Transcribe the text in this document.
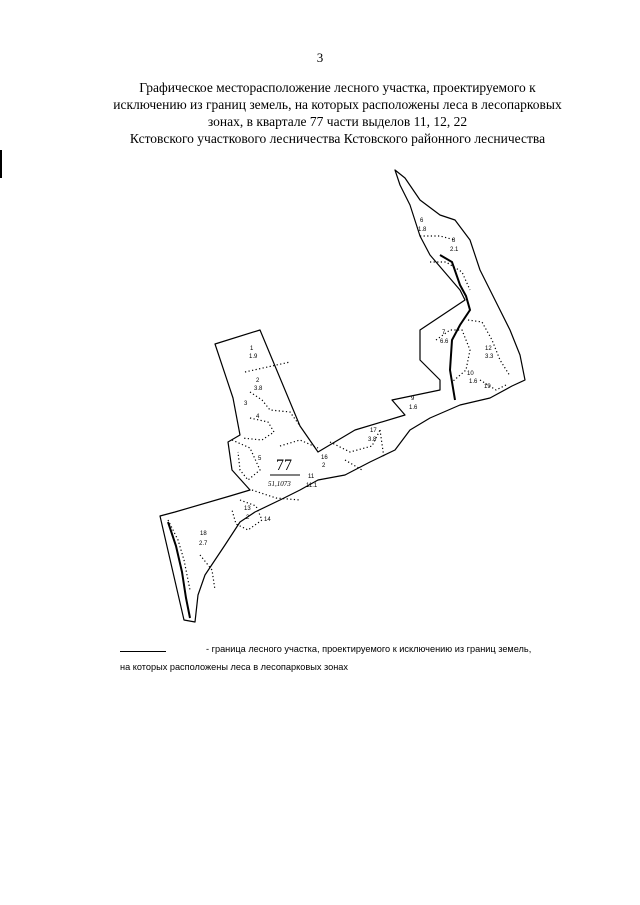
3
Графическое месторасположение лесного участка, проектируемого к
исключению из границ земель, на которых расположены леса в лесопарковых
зонах, в квартале 77 части выделов 11, 12, 22
Кстовского участкового лесничества Кстовского районного лесничества
77
51,1073
1
1.9
2
3.8
3
4
5
6
1.8
7
6.6
8
2.1
9
1.6
16
2
11
11.1
12
3.3
13
2 14
17
3.8
18
2.7
19
10
1.6
- граница лесного участка, проектируемого к исключению из границ земель,
на которых расположены леса в лесопарковых зонах
